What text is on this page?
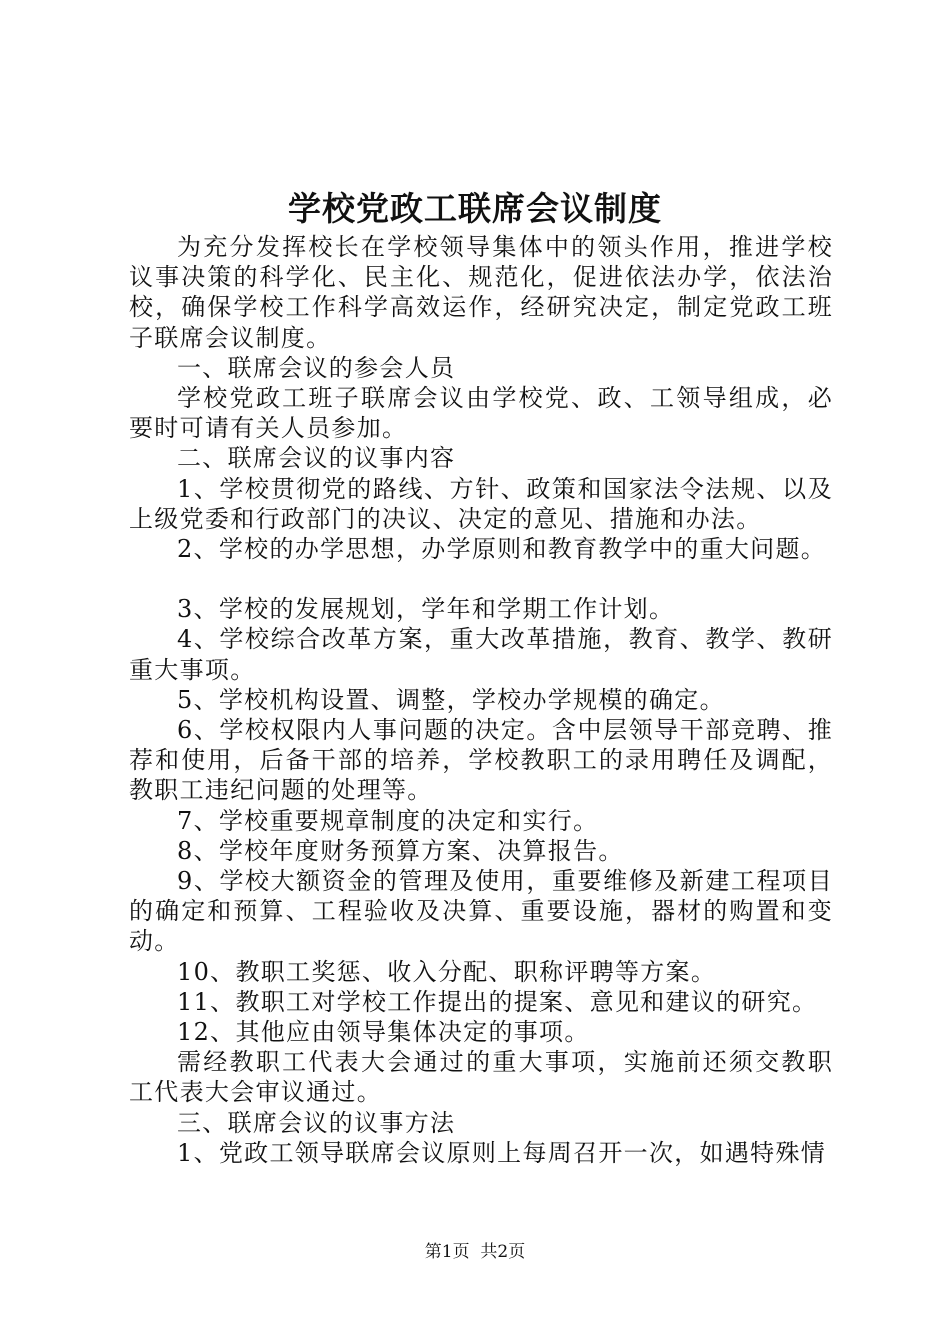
学校党政工联席会议制度

为充分发挥校长在学校领导集体中的领头作用，推进学校议事决策的科学化、民主化、规范化，促进依法办学，依法治校，确保学校工作科学高效运作，经研究决定，制定党政工班子联席会议制度。

一、联席会议的参会人员

学校党政工班子联席会议由学校党、政、工领导组成，必要时可请有关人员参加。

二、联席会议的议事内容

1、学校贯彻党的路线、方针、政策和国家法令法规、以及上级党委和行政部门的决议、决定的意见、措施和办法。

2、学校的办学思想，办学原则和教育教学中的重大问题。

3、学校的发展规划，学年和学期工作计划。

4、学校综合改革方案，重大改革措施，教育、教学、教研重大事项。

5、学校机构设置、调整，学校办学规模的确定。

6、学校权限内人事问题的决定。含中层领导干部竞聘、推荐和使用，后备干部的培养，学校教职工的录用聘任及调配，教职工违纪问题的处理等。

7、学校重要规章制度的决定和实行。

8、学校年度财务预算方案、决算报告。

9、学校大额资金的管理及使用，重要维修及新建工程项目的确定和预算、工程验收及决算、重要设施，器材的购置和变动。

10、教职工奖惩、收入分配、职称评聘等方案。

11、教职工对学校工作提出的提案、意见和建议的研究。

12、其他应由领导集体决定的事项。

需经教职工代表大会通过的重大事项，实施前还须交教职工代表大会审议通过。

三、联席会议的议事方法

1、党政工领导联席会议原则上每周召开一次，如遇特殊情

第1页 共2页
